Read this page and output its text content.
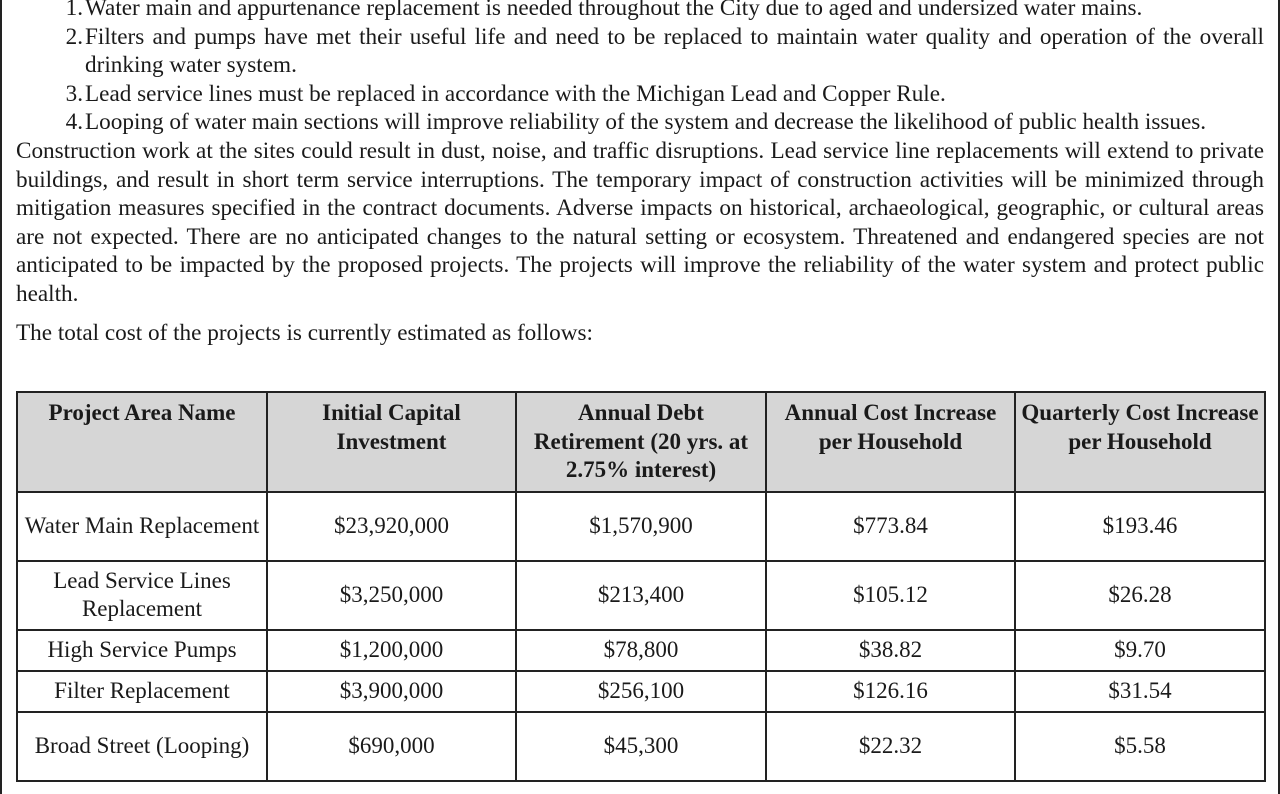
1 . Water main and appurtenance replacement is needed throughout the City due to aged and undersized water mains.
2 . Filters and pumps have met their useful life and need to be replaced to maintain water quality and operation of the overall drinking water system.
3 . Lead service lines must be replaced in accordance with the Michigan Lead and Copper Rule.
4 . Looping of water main sections will improve reliability of the system and decrease the likelihood of public health issues.

Construction work at the sites could result in dust, noise, and traffic disruptions. Lead service line replacements will extend to private buildings, and result in short term service interruptions. The temporary impact of construction activities will be minimized through mitigation measures specified in the contract documents. Adverse impacts on historical, archaeological, geographic, or cultural areas are not expected. There are no anticipated changes to the natural setting or ecosystem. Threatened and endangered species are not anticipated to be impacted by the proposed projects. The projects will improve the reliability of the water system and protect public health.

The total cost of the projects is currently estimated as follows:

Project Area Name	Initial Capital Investment	Annual Debt Retirement (20 yrs. at 2.75% interest)	Annual Cost Increase per Household	Quarterly Cost Increase per Household
Water Main Replacement	$23,920,000	$1,570,900	$773.84	$193.46
Lead Service Lines Replacement	$3,250,000	$213,400	$105.12	$26.28
High Service Pumps	$1,200,000	$78,800	$38.82	$9.70
Filter Replacement	$3,900,000	$256,100	$126.16	$31.54
Broad Street (Looping)	$690,000	$45,300	$22.32	$5.58
